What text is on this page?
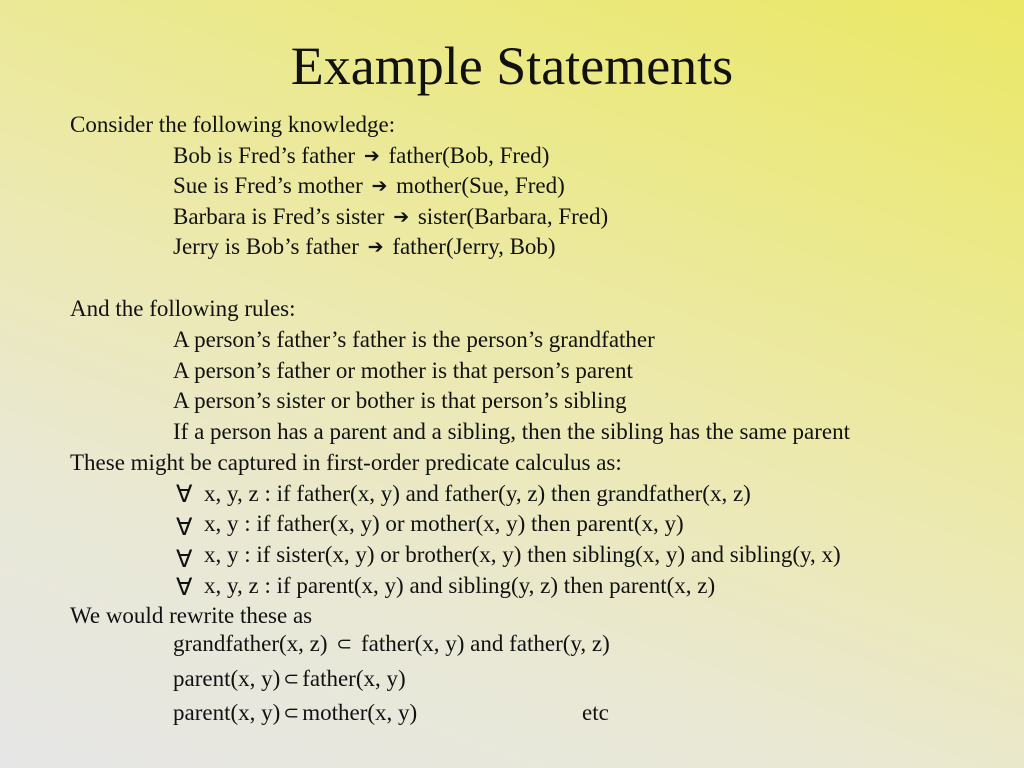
Example Statements
Consider the following knowledge:
Bob is Fred’s father ➔ father(Bob, Fred)
Sue is Fred’s mother ➔ mother(Sue, Fred)
Barbara is Fred’s sister ➔ sister(Barbara, Fred)
Jerry is Bob’s father ➔ father(Jerry, Bob)
And the following rules:
A person’s father’s father is the person’s grandfather
A person’s father or mother is that person’s parent
A person’s sister or bother is that person’s sibling
If a person has a parent and a sibling, then the sibling has the same parent
These might be captured in first-order predicate calculus as:
∀ x, y, z : if father(x, y) and father(y, z) then grandfather(x, z)
∀ x, y : if father(x, y) or mother(x, y) then parent(x, y)
∀ x, y : if sister(x, y) or brother(x, y) then sibling(x, y) and sibling(y, x)
∀ x, y, z : if parent(x, y) and sibling(y, z) then parent(x, z)
We would rewrite these as
grandfather(x, z) ⊂ father(x, y) and father(y, z)
parent(x, y) ⊂ father(x, y)
parent(x, y) ⊂ mother(x, y)	etc
